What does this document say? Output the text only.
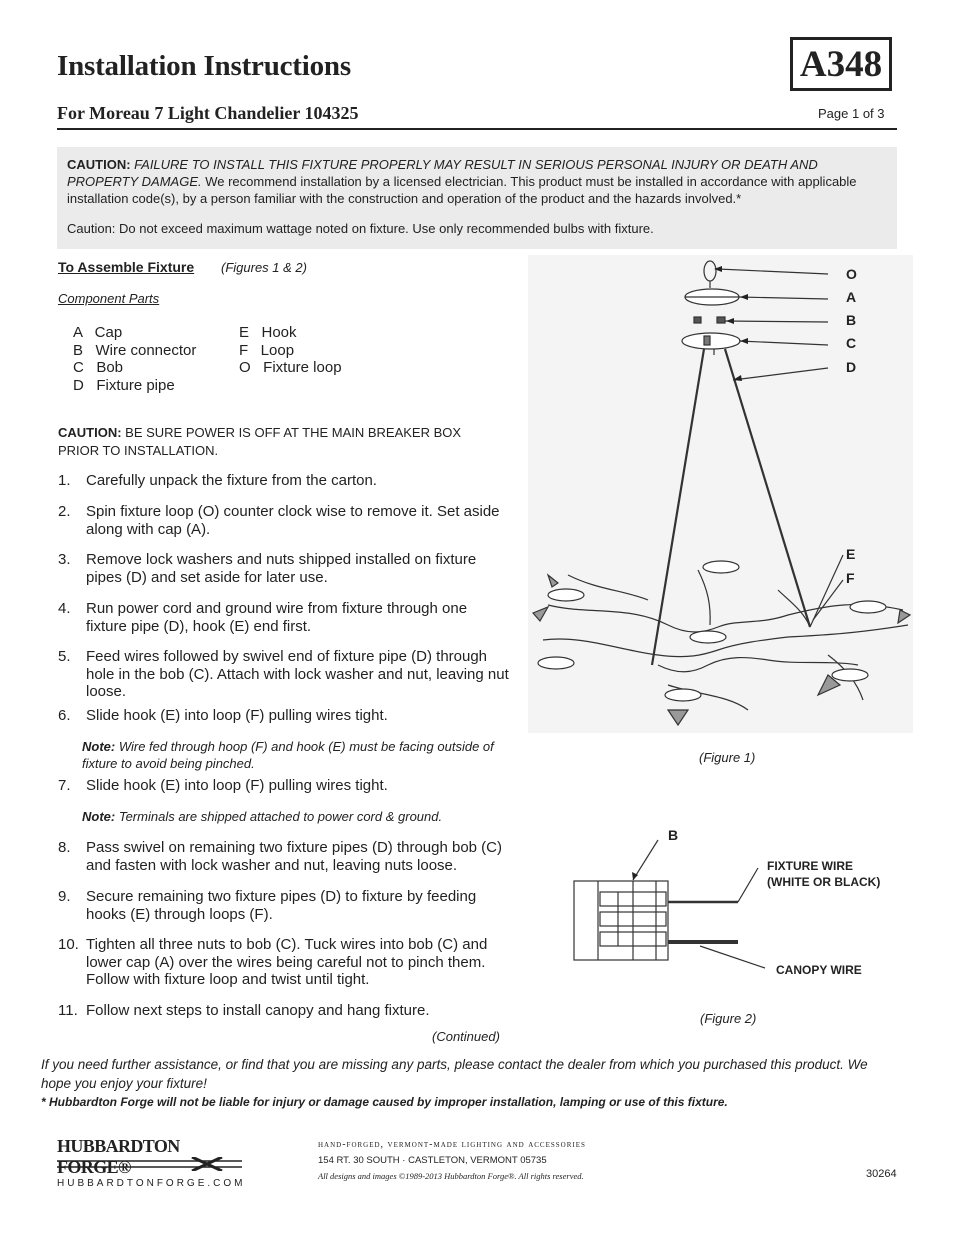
Installation Instructions
For Moreau 7 Light Chandelier 104325
A348
Page 1 of 3

CAUTION: FAILURE TO INSTALL THIS FIXTURE PROPERLY MAY RESULT IN SERIOUS PERSONAL INJURY OR DEATH AND PROPERTY DAMAGE. We recommend installation by a licensed electrician. This product must be installed in accordance with applicable installation code(s), by a person familiar with the construction and operation of the product and the hazards involved.*

Caution: Do not exceed maximum wattage noted on fixture. Use only recommended bulbs with fixture.

To Assemble Fixture (Figures 1 & 2)
Component Parts
A   Cap
B   Wire connector
C   Bob
D   Fixture pipe
E   Hook
F   Loop
O   Fixture loop
CAUTION: BE SURE POWER IS OFF AT THE MAIN BREAKER BOX PRIOR TO INSTALLATION.
1.	Carefully unpack the fixture from the carton.
2.	Spin fixture loop (O) counter clock wise to remove it. Set aside along with cap (A).
3.	Remove lock washers and nuts shipped installed on fixture pipes (D) and set aside for later use.
4.	Run power cord and ground wire from fixture through one fixture pipe (D), hook (E) end first.
5.	Feed wires followed by swivel end of fixture pipe (D) through hole in the bob (C). Attach with lock washer and nut, leaving nut loose.
6.	Slide hook (E) into loop (F) pulling wires tight.
Note: Wire fed through hoop (F) and hook (E) must be facing outside of fixture to avoid being pinched.
7.	Slide hook (E) into loop (F) pulling wires tight.
Note: Terminals are shipped attached to power cord & ground.
8.	Pass swivel on remaining two fixture pipes (D) through bob (C) and fasten with lock washer and nut, leaving nuts loose.
9.	Secure remaining two fixture pipes (D) to fixture by feeding hooks (E) through loops (F).
10. Tighten all three nuts to bob (C). Tuck wires into bob (C) and lower cap (A) over the wires being careful not to pinch them. Follow with fixture loop and twist until tight.
11. Follow next steps to install canopy and hang fixture.
(Continued)
O
A
B
C
D
E
F
(Figure 1)
B
FIXTURE WIRE
(WHITE OR BLACK)
CANOPY WIRE
(Figure 2)
If you need further assistance, or find that you are missing any parts, please contact the dealer from which you purchased this product. We hope you enjoy your fixture!
* Hubbardton Forge will not be liable for injury or damage caused by improper installation, lamping or use of this fixture.
HUBBARDTON FORGE®
HUBBARDTONFORGE.COM
hand-forged, vermont-made lighting and accessories
154 RT. 30 SOUTH · CASTLETON, VERMONT 05735
All designs and images ©1989-2013 Hubbardton Forge®. All rights reserved.	30264
